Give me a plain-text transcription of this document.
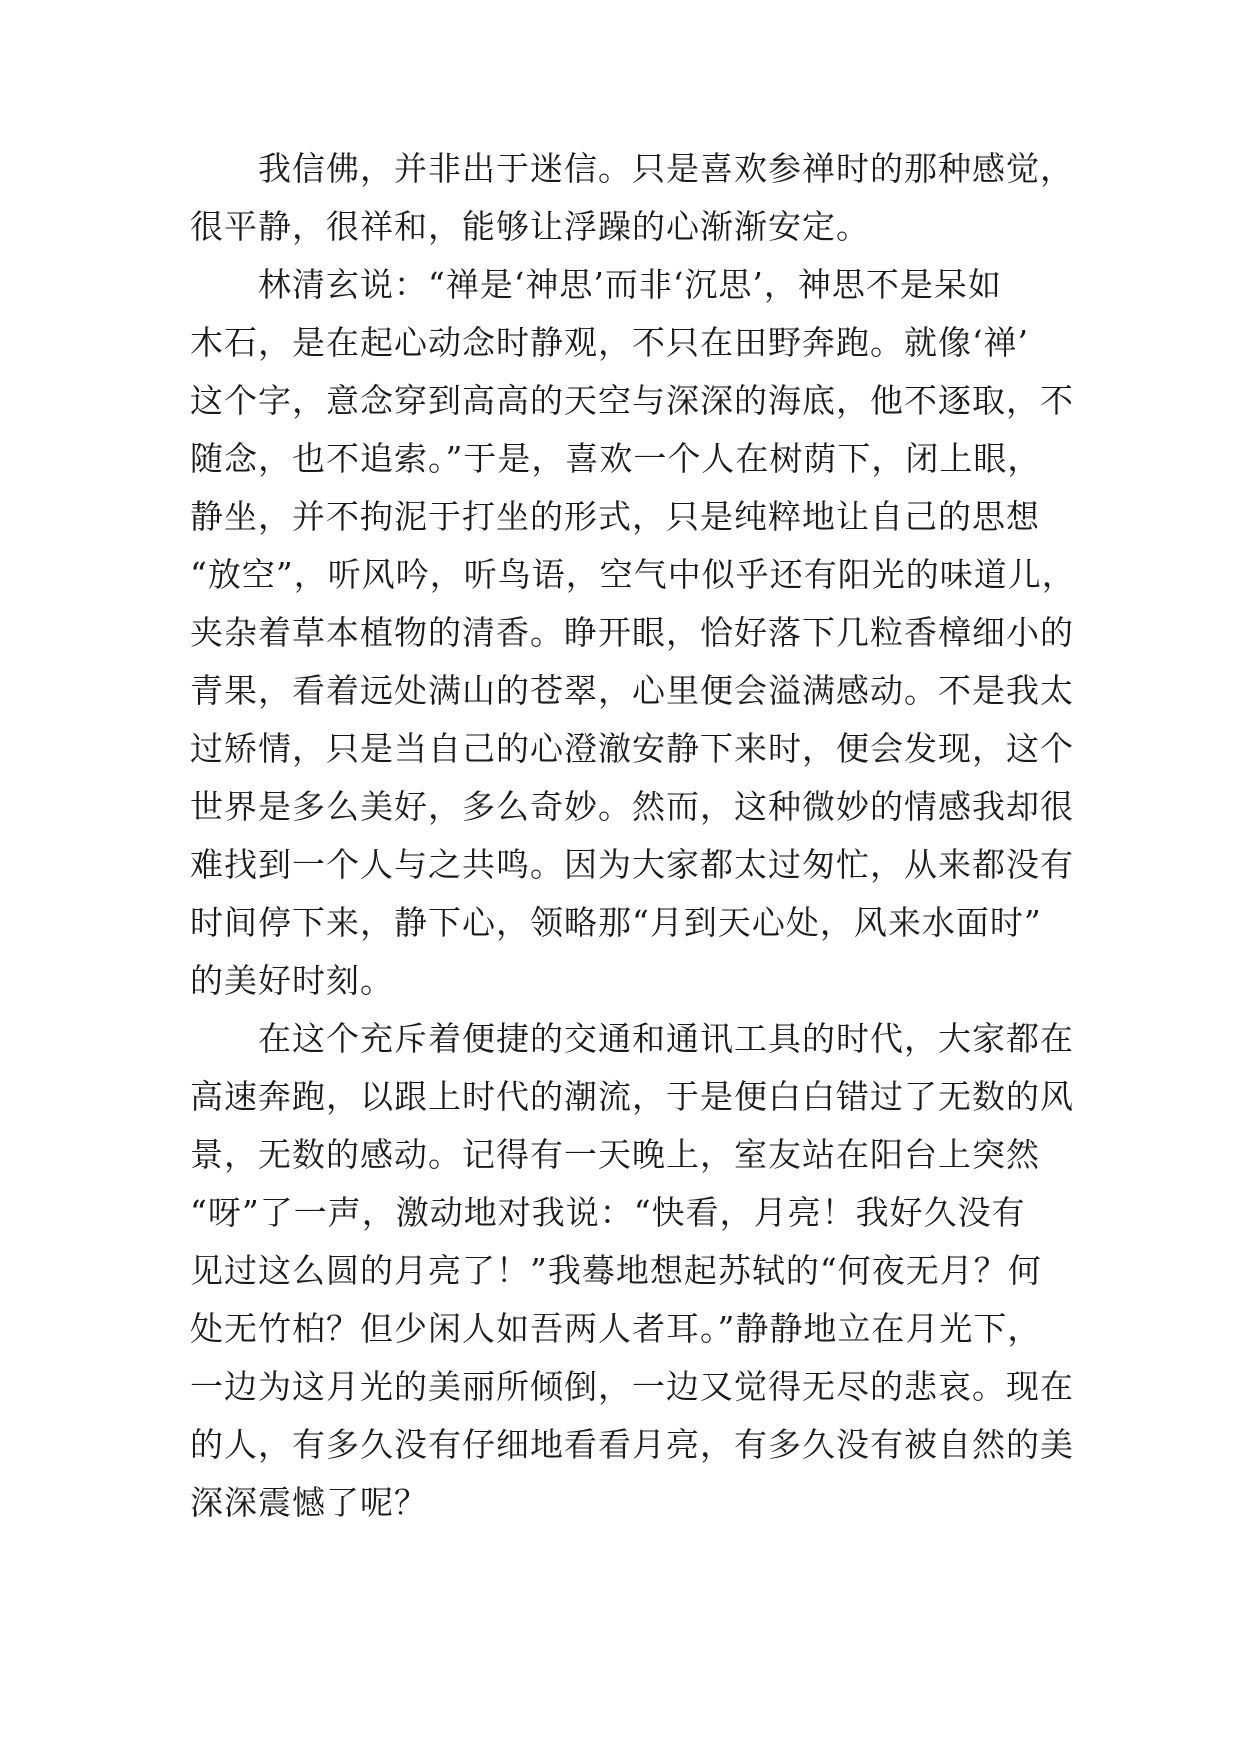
我信佛，并非出于迷信。只是喜欢参禅时的那种感觉，
很平静，很祥和，能够让浮躁的心渐渐安定。
林清玄说：“禅是‘神思’而非‘沉思’，神思不是呆如
木石，是在起心动念时静观，不只在田野奔跑。就像‘禅’
这个字，意念穿到高高的天空与深深的海底，他不逐取，不
随念，也不追索。”于是，喜欢一个人在树荫下，闭上眼，
静坐，并不拘泥于打坐的形式，只是纯粹地让自己的思想
“放空”，听风吟，听鸟语，空气中似乎还有阳光的味道儿，
夹杂着草本植物的清香。睁开眼，恰好落下几粒香樟细小的
青果，看着远处满山的苍翠，心里便会溢满感动。不是我太
过矫情，只是当自己的心澄澈安静下来时，便会发现，这个
世界是多么美好，多么奇妙。然而，这种微妙的情感我却很
难找到一个人与之共鸣。因为大家都太过匆忙，从来都没有
时间停下来，静下心，领略那“月到天心处，风来水面时”
的美好时刻。
在这个充斥着便捷的交通和通讯工具的时代，大家都在
高速奔跑，以跟上时代的潮流，于是便白白错过了无数的风
景，无数的感动。记得有一天晚上，室友站在阳台上突然
“呀”了一声，激动地对我说：“快看，月亮！我好久没有
见过这么圆的月亮了！”我蓦地想起苏轼的“何夜无月？何
处无竹柏？但少闲人如吾两人者耳。”静静地立在月光下，
一边为这月光的美丽所倾倒，一边又觉得无尽的悲哀。现在
的人，有多久没有仔细地看看月亮，有多久没有被自然的美
深深震憾了呢？
